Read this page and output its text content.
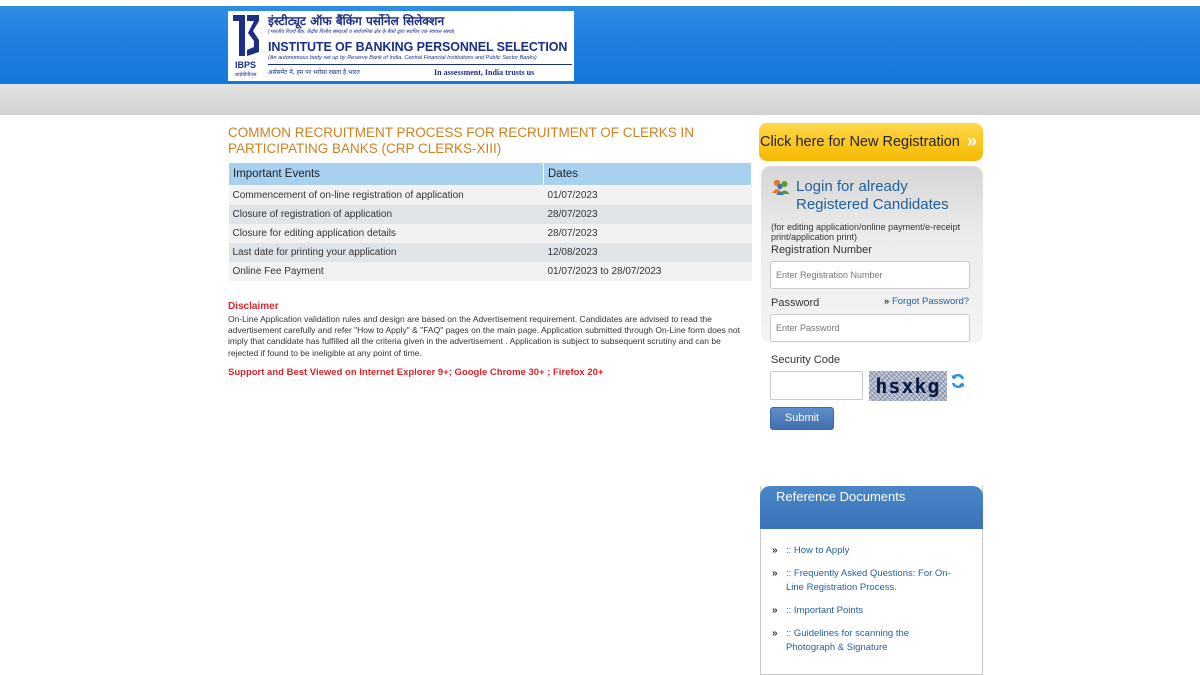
IBPS
आईबीपीएस
इंस्टीट्यूट ऑफ बैंकिंग पर्सोनेल सिलेक्शन
(भारतीय रिज़र्व बैंक, केंद्रीय वित्तीय संस्थाओं व सार्वजनिक क्षेत्र के बैंकों द्वारा स्थापित एक स्वायत्त संस्था)
INSTITUTE OF BANKING PERSONNEL SELECTION
(An autonomous body set up by Reserve Bank of India, Central Financial Institutions and Public Sector Banks)
असेसमेंट में, हम पर भरोसा रखता है भारत	In assessment, India trusts us
COMMON RECRUITMENT PROCESS FOR RECRUITMENT OF CLERKS IN PARTICIPATING BANKS (CRP CLERKS-XIII)
Important Events	Dates
Commencement of on-line registration of application	01/07/2023
Closure of registration of application	28/07/2023
Closure for editing application details	28/07/2023
Last date for printing your application	12/08/2023
Online Fee Payment	01/07/2023 to 28/07/2023
Disclaimer
On-Line Application validation rules and design are based on the Advertisement requirement. Candidates are advised to read the advertisement carefully and refer "How to Apply" & "FAQ" pages on the main page. Application submitted through On-Line form does not imply that candidate has fulfilled all the criteria given in the advertisement . Application is subject to subsequent scrutiny and can be rejected if found to be ineligible at any point of time.
Support and Best Viewed on Internet Explorer 9+; Google Chrome 30+ ; Firefox 20+
Click here for New Registration »
Login for already
Registered Candidates
(for editing application/online payment/e-receipt print/application print)
Registration Number
Enter Registration Number
Password	» Forgot Password?
Security Code
hsxkg
Submit
Reference Documents
» :: How to Apply
» :: Frequently Asked Questions: For On-Line Registration Process.
» :: Important Points
» :: Guidelines for scanning the Photograph & Signature
